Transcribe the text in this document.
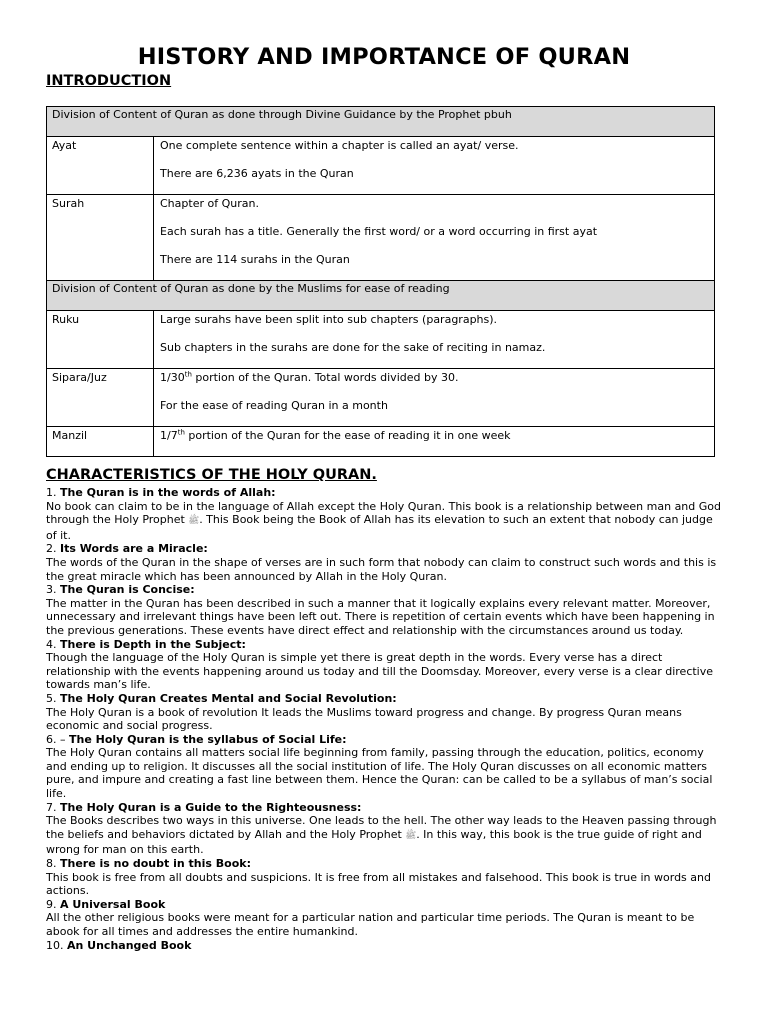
HISTORY AND IMPORTANCE OF QURAN
INTRODUCTION
Division of Content of Quran as done through Divine Guidance by the Prophet pbuh	
Ayat	One complete sentence within a chapter is called an ayat/ verse.

There are 6,236 ayats in the Quran

Surah	Chapter of Quran.

Each surah has a title. Generally the first word/ or a word occurring in first ayat

There are 114 surahs in the Quran

Division of Content of Quran as done by the Muslims for ease of reading	
Ruku	Large surahs have been split into sub chapters (paragraphs).

Sub chapters in the surahs are done for the sake of reciting in namaz.

Sipara/Juz	1/30th portion of the Quran. Total words divided by 30.

For the ease of reading Quran in a month

Manzil	1/7th portion of the Quran for the ease of reading it in one week

CHARACTERISTICS OF THE HOLY QURAN.

1. The Quran is in the words of Allah:

No book can claim to be in the language of Allah except the Holy Quran. This book is a relationship between man and God through the Holy Prophet ﷺ. This Book being the Book of Allah has its elevation to such an extent that nobody can judge of it.

2. Its Words are a Miracle:

The words of the Quran in the shape of verses are in such form that nobody can claim to construct such words and this is the great miracle which has been announced by Allah in the Holy Quran.

3. The Quran is Concise:

The matter in the Quran has been described in such a manner that it logically explains every relevant matter. Moreover, unnecessary and irrelevant things have been left out. There is repetition of certain events which have been happening in the previous generations. These events have direct effect and relationship with the circumstances around us today.

4. There is Depth in the Subject:

Though the language of the Holy Quran is simple yet there is great depth in the words. Every verse has a direct relationship with the events happening around us today and till the Doomsday. Moreover, every verse is a clear directive towards man’s life.

5. The Holy Quran Creates Mental and Social Revolution:

The Holy Quran is a book of revolution It leads the Muslims toward progress and change. By progress Quran means economic and social progress.

6. – The Holy Quran is the syllabus of Social Life:

The Holy Quran contains all matters social life beginning from family, passing through the education, politics, economy and ending up to religion. It discusses all the social institution of life. The Holy Quran discusses on all economic matters pure, and impure and creating a fast line between them. Hence the Quran: can be called to be a syllabus of man’s social life.

7. The Holy Quran is a Guide to the Righteousness:

The Books describes two ways in this universe. One leads to the hell. The other way leads to the Heaven passing through the beliefs and behaviors dictated by Allah and the Holy Prophet ﷺ. In this way, this book is the true guide of right and wrong for man on this earth.

8. There is no doubt in this Book:

This book is free from all doubts and suspicions. It is free from all mistakes and falsehood. This book is true in words and actions.

9. A Universal Book

All the other religious books were meant for a particular nation and particular time periods. The Quran is meant to be abook for all times and addresses the entire humankind.

10. An Unchanged Book
